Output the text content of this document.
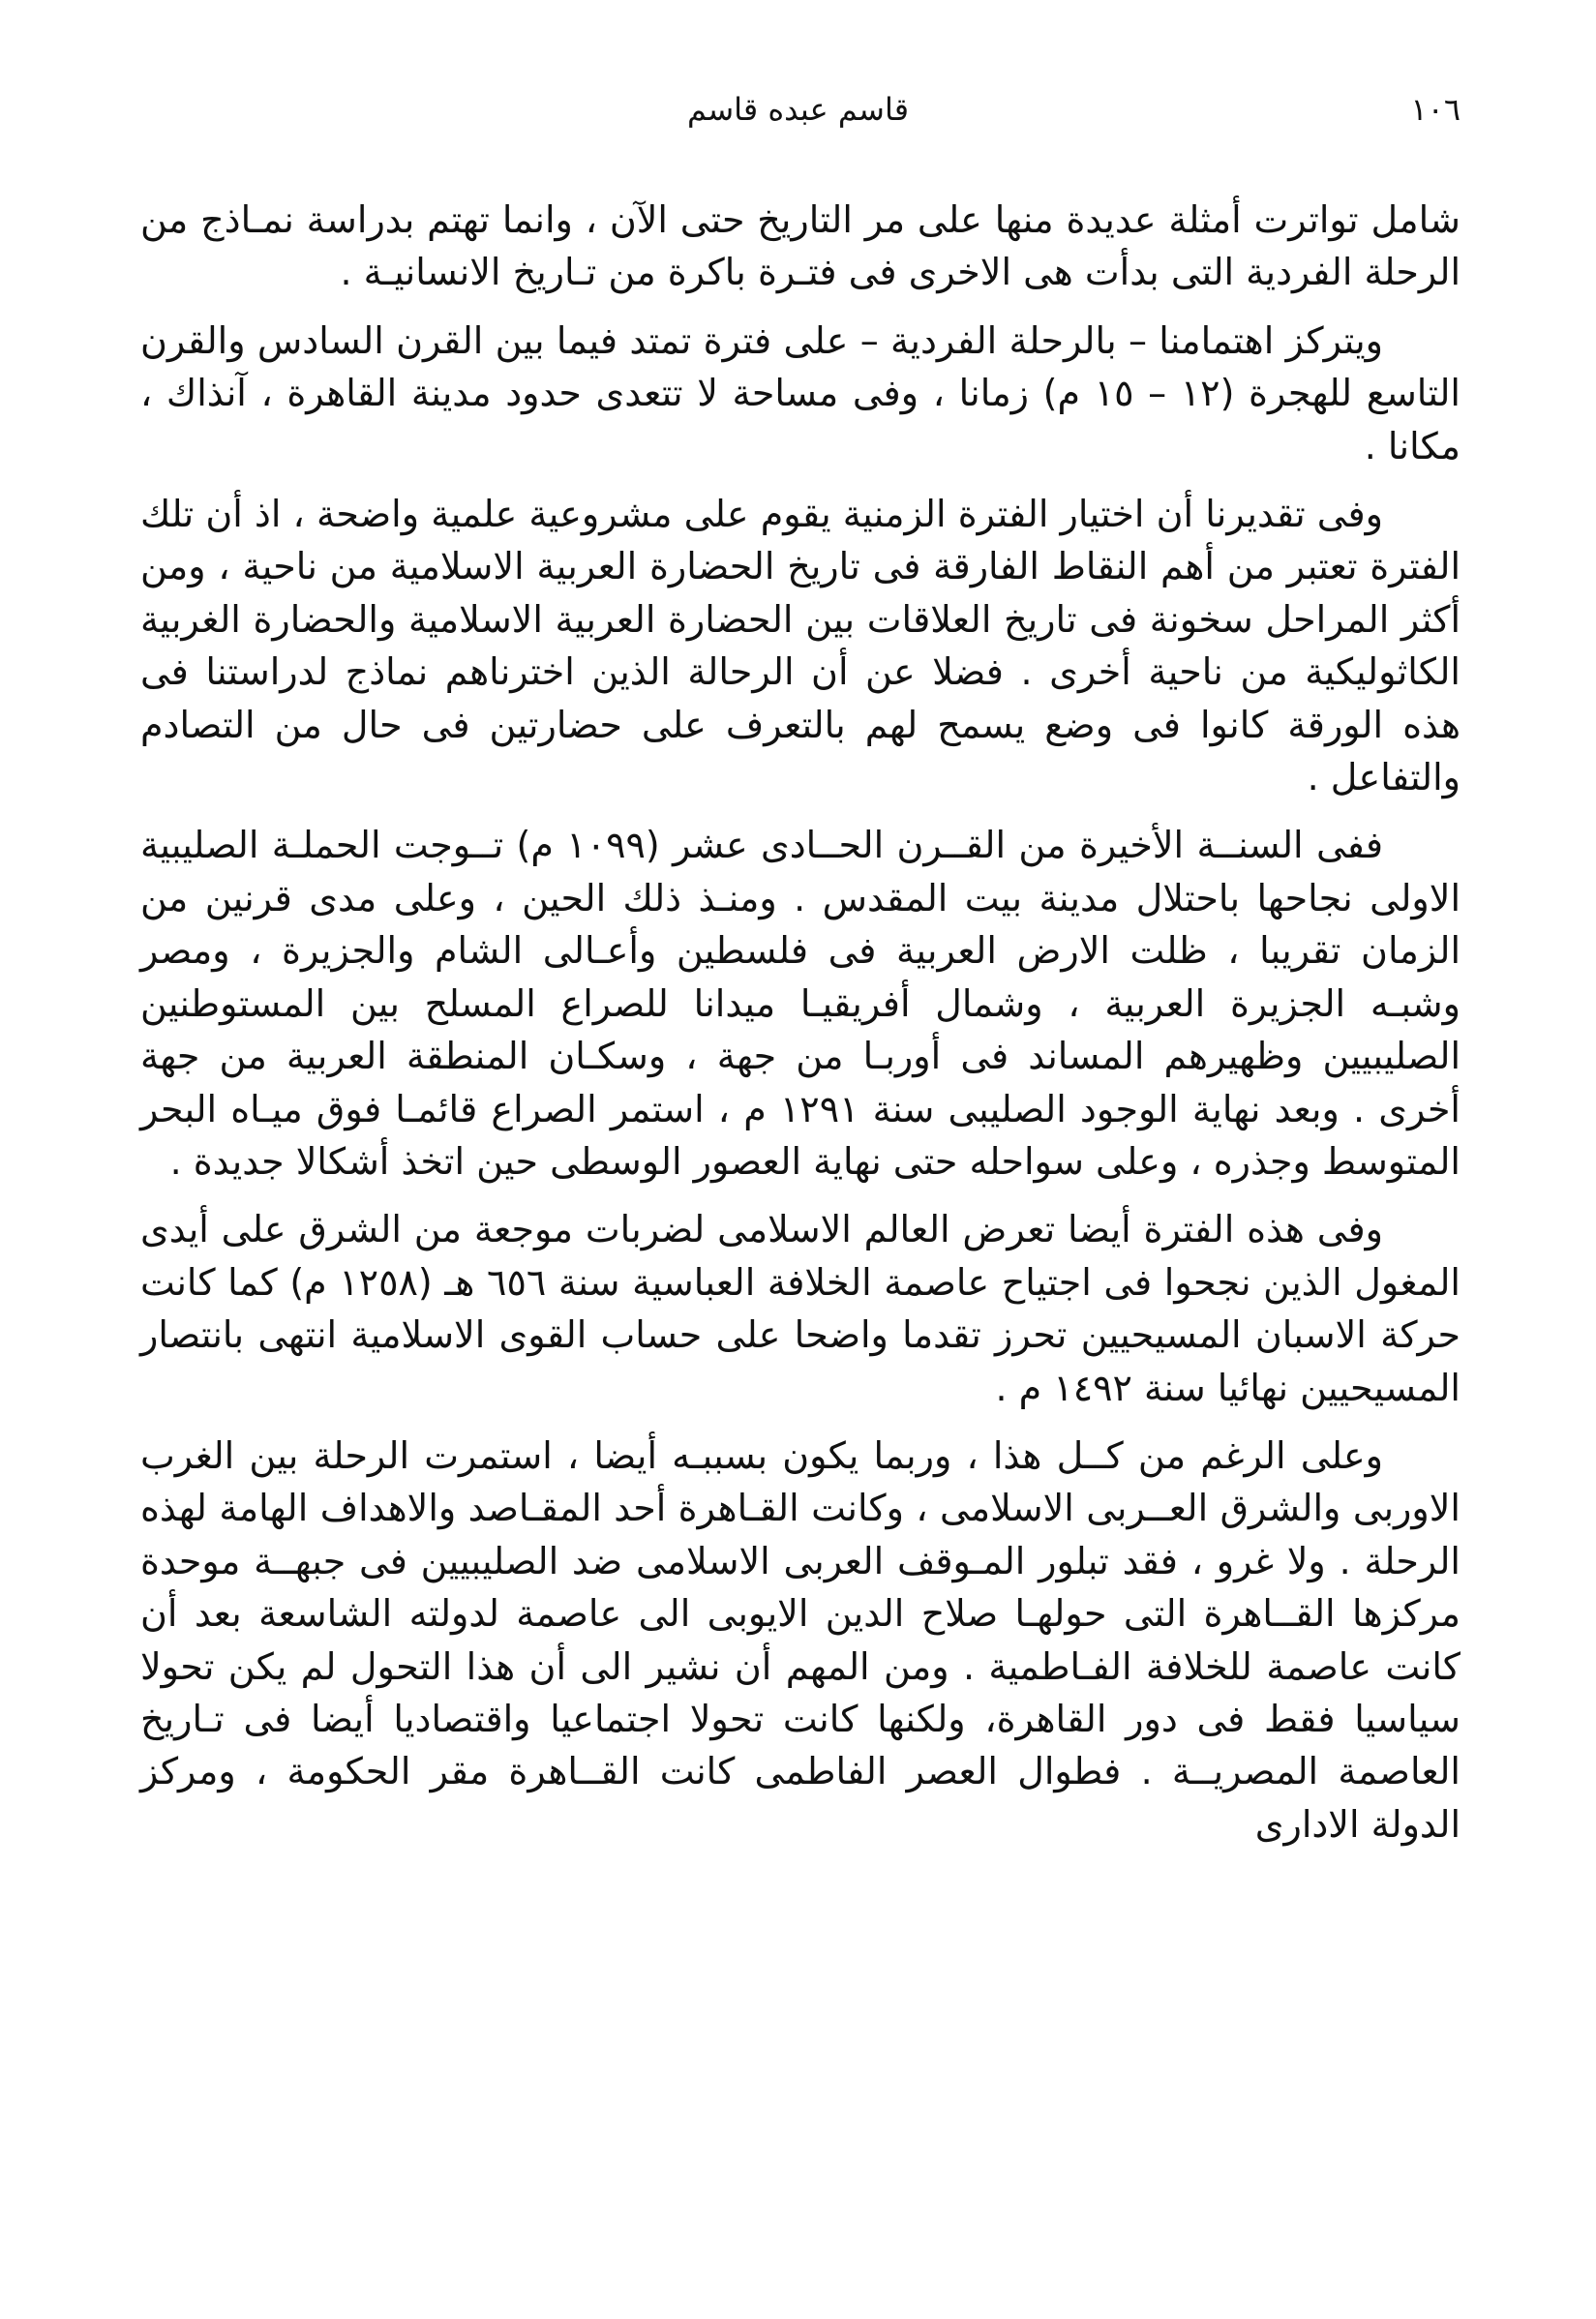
١٠٦
قاسم عبده قاسم

شامل تواترت أمثلة عديدة منها على مر التاريخ حتى الآن ، وانما تهتم بدراسة نمـاذج من الرحلة الفردية التى بدأت هى الاخرى فى فتـرة باكرة من تـاريخ الانسانيـة .

ويتركز اهتمامنا – بالرحلة الفردية – على فترة تمتد فيما بين القرن السادس والقرن التاسع للهجرة (١٢ – ١٥ م) زمانا ، وفى مساحة لا تتعدى حدود مدينة القاهرة ، آنذاك ، مكانا .

وفى تقديرنا أن اختيار الفترة الزمنية يقوم على مشروعية علمية واضحة ، اذ أن تلك الفترة تعتبر من أهم النقاط الفارقة فى تاريخ الحضارة العربية الاسلامية من ناحية ، ومن أكثر المراحل سخونة فى تاريخ العلاقات بين الحضارة العربية الاسلامية والحضارة الغربية الكاثوليكية من ناحية أخرى . فضلا عن أن الرحالة الذين اخترناهم نماذج لدراستنا فى هذه الورقة كانوا فى وضع يسمح لهم بالتعرف على حضارتين فى حال من التصادم والتفاعل .

ففى السنــة الأخيرة من القــرن الحــادى عشر (١٠٩٩ م) تــوجت الحملـة الصليبية الاولى نجاحها باحتلال مدينة بيت المقدس . ومنـذ ذلك الحين ، وعلى مدى قرنين من الزمان تقريبا ، ظلت الارض العربية فى فلسطين وأعـالى الشام والجزيرة ، ومصر وشبـه الجزيرة العربية ، وشمال أفريقيـا ميدانا للصراع المسلح بين المستوطنين الصليبيين وظهيرهم المساند فى أوربـا من جهة ، وسكـان المنطقة العربية من جهة أخرى . وبعد نهاية الوجود الصليبى سنة ١٢٩١ م ، استمر الصراع قائمـا فوق ميـاه البحر المتوسط وجذره ، وعلى سواحله حتى نهاية العصور الوسطى حين اتخذ أشكالا جديدة .

وفى هذه الفترة أيضا تعرض العالم الاسلامى لضربات موجعة من الشرق على أيدى المغول الذين نجحوا فى اجتياح عاصمة الخلافة العباسية سنة ٦٥٦ هـ (١٢٥٨ م) كما كانت حركة الاسبان المسيحيين تحرز تقدما واضحا على حساب القوى الاسلامية انتهى بانتصار المسيحيين نهائيا سنة ١٤٩٢ م .

وعلى الرغم من كــل هذا ، وربما يكون بسببـه أيضا ، استمرت الرحلة بين الغرب الاوربى والشرق العــربى الاسلامى ، وكانت القـاهرة أحد المقـاصد والاهداف الهامة لهذه الرحلة . ولا غرو ، فقد تبلور المـوقف العربى الاسلامى ضد الصليبيين فى جبهــة موحدة مركزها القــاهرة التى حولهـا صلاح الدين الايوبى الى عاصمة لدولته الشاسعة بعد أن كانت عاصمة للخلافة الفـاطمية . ومن المهم أن نشير الى أن هذا التحول لم يكن تحولا سياسيا فقط فى دور القاهرة، ولكنها كانت تحولا اجتماعيا واقتصاديا أيضا فى تـاريخ العاصمة المصريــة . فطوال العصر الفاطمى كانت القــاهرة مقر الحكومة ، ومركز الدولة الادارى
